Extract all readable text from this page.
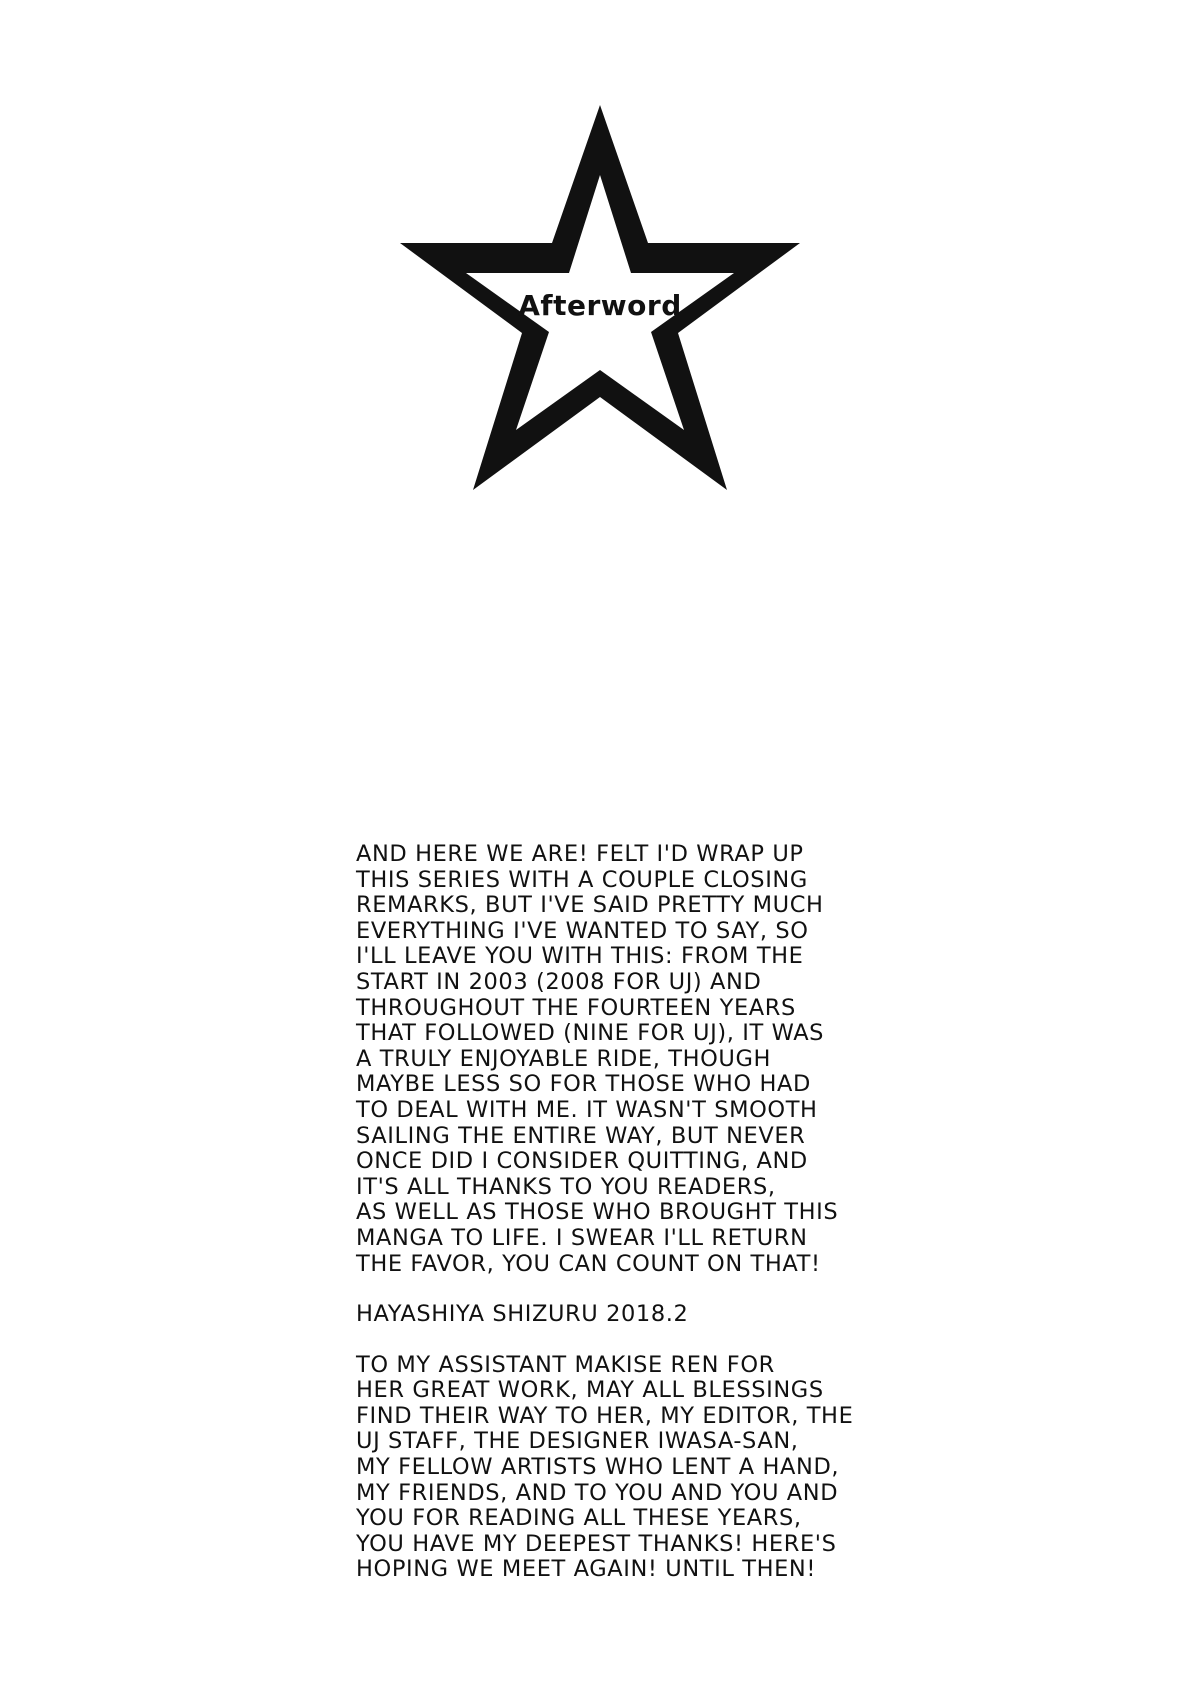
Afterword
AND HERE WE ARE! FELT I'D WRAP UP
THIS SERIES WITH A COUPLE CLOSING
REMARKS, BUT I'VE SAID PRETTY MUCH
EVERYTHING I'VE WANTED TO SAY, SO
I'LL LEAVE YOU WITH THIS: FROM THE
START IN 2003 (2008 FOR UJ) AND
THROUGHOUT THE FOURTEEN YEARS
THAT FOLLOWED (NINE FOR UJ), IT WAS
A TRULY ENJOYABLE RIDE, THOUGH
MAYBE LESS SO FOR THOSE WHO HAD
TO DEAL WITH ME. IT WASN'T SMOOTH
SAILING THE ENTIRE WAY, BUT NEVER
ONCE DID I CONSIDER QUITTING, AND
IT'S ALL THANKS TO YOU READERS,
AS WELL AS THOSE WHO BROUGHT THIS
MANGA TO LIFE. I SWEAR I'LL RETURN
THE FAVOR, YOU CAN COUNT ON THAT!
HAYASHIYA SHIZURU 2018.2
TO MY ASSISTANT MAKISE REN FOR
HER GREAT WORK, MAY ALL BLESSINGS
FIND THEIR WAY TO HER, MY EDITOR, THE
UJ STAFF, THE DESIGNER IWASA-SAN,
MY FELLOW ARTISTS WHO LENT A HAND,
MY FRIENDS, AND TO YOU AND YOU AND
YOU FOR READING ALL THESE YEARS,
YOU HAVE MY DEEPEST THANKS! HERE'S
HOPING WE MEET AGAIN! UNTIL THEN!
